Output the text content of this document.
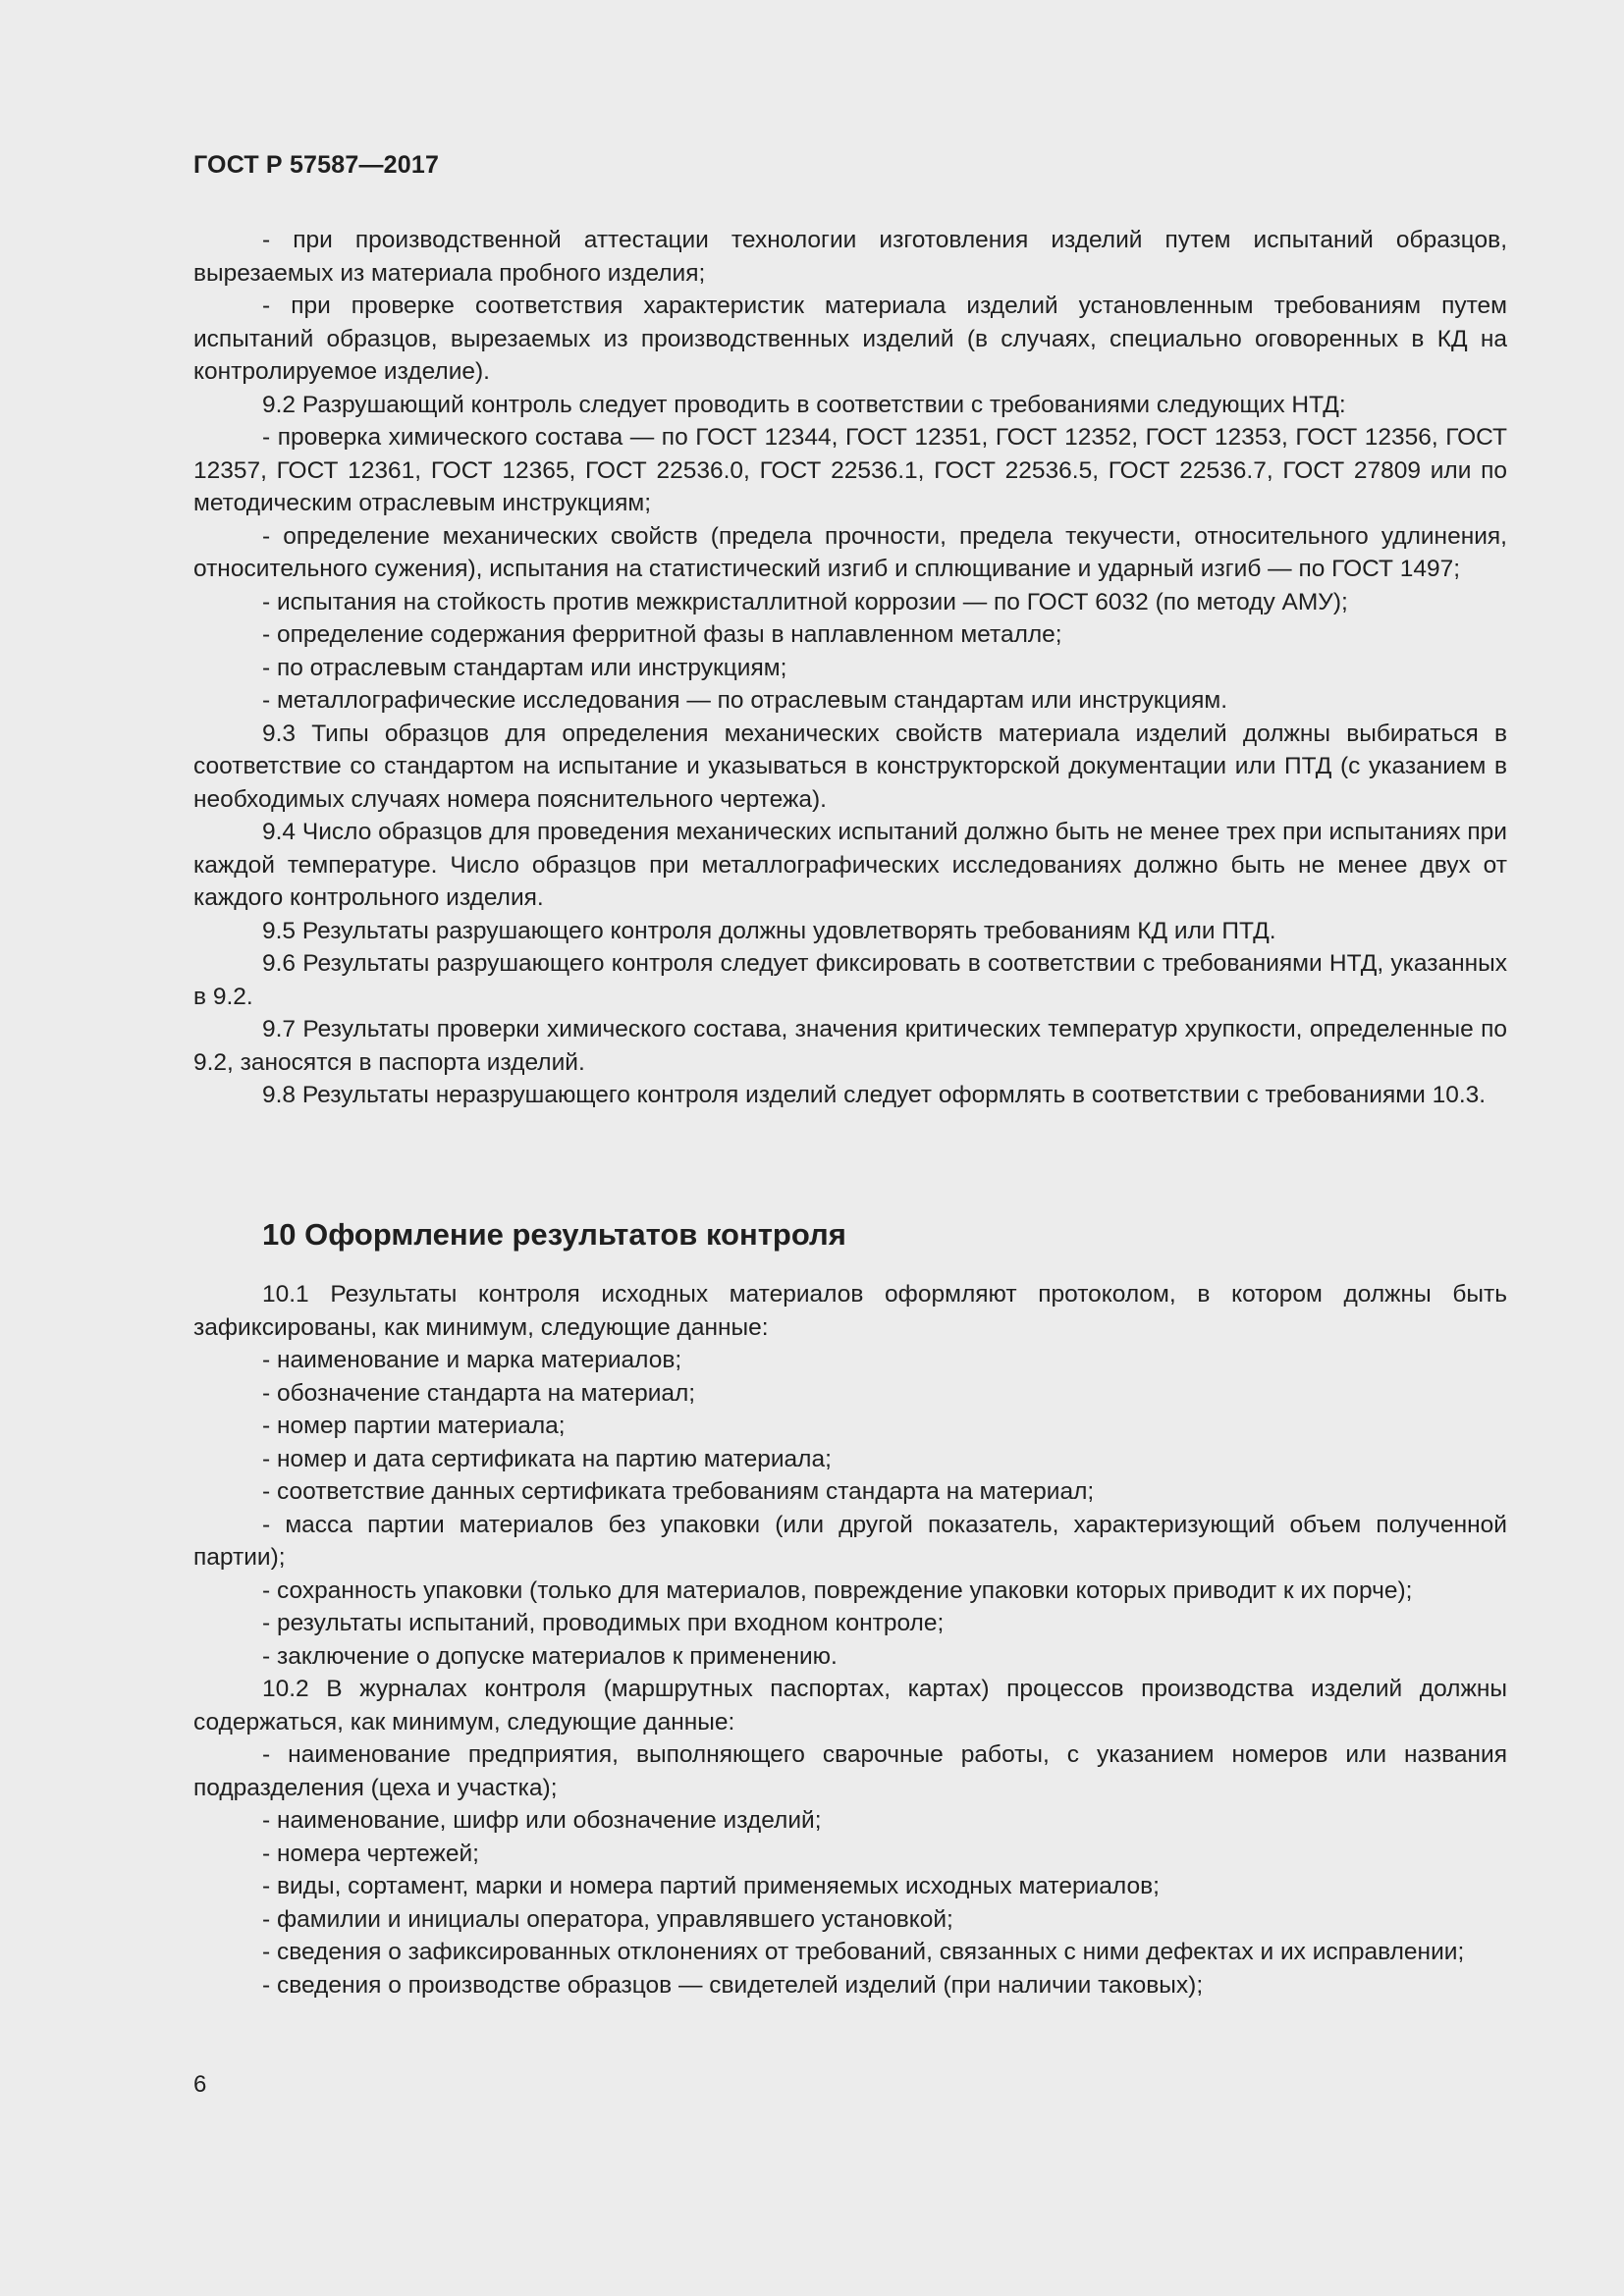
ГОСТ Р 57587—2017

- при производственной аттестации технологии изготовления изделий путем испытаний образцов, вырезаемых из материала пробного изделия;

- при проверке соответствия характеристик материала изделий установленным требованиям путем испытаний образцов, вырезаемых из производственных изделий (в случаях, специально оговоренных в КД на контролируемое изделие).

9.2 Разрушающий контроль следует проводить в соответствии с требованиями следующих НТД:

- проверка химического состава — по ГОСТ 12344, ГОСТ 12351, ГОСТ 12352, ГОСТ 12353, ГОСТ 12356, ГОСТ 12357, ГОСТ 12361, ГОСТ 12365, ГОСТ 22536.0, ГОСТ 22536.1, ГОСТ 22536.5, ГОСТ 22536.7, ГОСТ 27809 или по методическим отраслевым инструкциям;

- определение механических свойств (предела прочности, предела текучести, относительного удлинения, относительного сужения), испытания на статистический изгиб и сплющивание и ударный изгиб — по ГОСТ 1497;

- испытания на стойкость против межкристаллитной коррозии — по ГОСТ 6032 (по методу АМУ);

- определение содержания ферритной фазы в наплавленном металле;

- по отраслевым стандартам или инструкциям;

- металлографические исследования — по отраслевым стандартам или инструкциям.

9.3 Типы образцов для определения механических свойств материала изделий должны выбираться в соответствие со стандартом на испытание и указываться в конструкторской документации или ПТД (с указанием в необходимых случаях номера пояснительного чертежа).

9.4 Число образцов для проведения механических испытаний должно быть не менее трех при испытаниях при каждой температуре. Число образцов при металлографических исследованиях должно быть не менее двух от каждого контрольного изделия.

9.5 Результаты разрушающего контроля должны удовлетворять требованиям КД или ПТД.

9.6 Результаты разрушающего контроля следует фиксировать в соответствии с требованиями НТД, указанных в 9.2.

9.7 Результаты проверки химического состава, значения критических температур хрупкости, определенные по 9.2, заносятся в паспорта изделий.

9.8 Результаты неразрушающего контроля изделий следует оформлять в соответствии с требованиями 10.3.

10 Оформление результатов контроля

10.1 Результаты контроля исходных материалов оформляют протоколом, в котором должны быть зафиксированы, как минимум, следующие данные:

- наименование и марка материалов;

- обозначение стандарта на материал;

- номер партии материала;

- номер и дата сертификата на партию материала;

- соответствие данных сертификата требованиям стандарта на материал;

- масса партии материалов без упаковки (или другой показатель, характеризующий объем полученной партии);

- сохранность упаковки (только для материалов, повреждение упаковки которых приводит к их порче);

- результаты испытаний, проводимых при входном контроле;

- заключение о допуске материалов к применению.

10.2 В журналах контроля (маршрутных паспортах, картах) процессов производства изделий должны содержаться, как минимум, следующие данные:

- наименование предприятия, выполняющего сварочные работы, с указанием номеров или названия подразделения (цеха и участка);

- наименование, шифр или обозначение изделий;

- номера чертежей;

- виды, сортамент, марки и номера партий применяемых исходных материалов;

- фамилии и инициалы оператора, управлявшего установкой;

- сведения о зафиксированных отклонениях от требований, связанных с ними дефектах и их исправлении;

- сведения о производстве образцов — свидетелей изделий (при наличии таковых);

6
